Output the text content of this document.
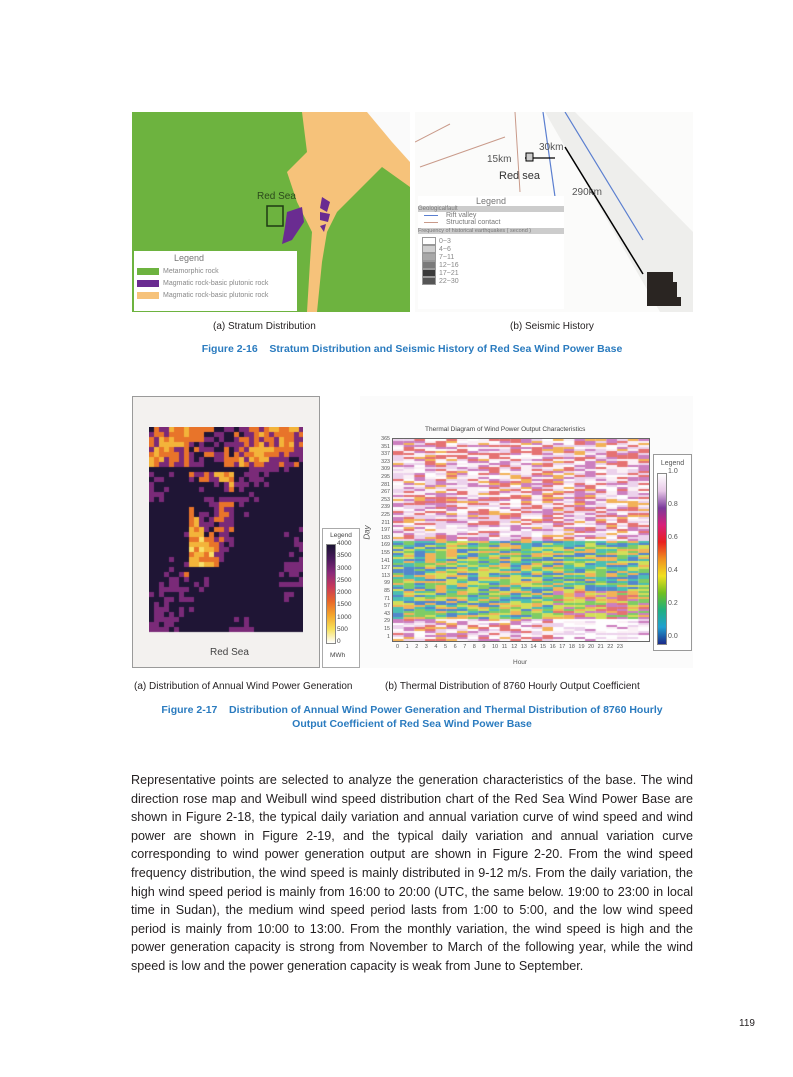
Red Sea
Legend
Metamorphic rock
Magmatic rock-basic plutonic rock
Magmatic rock-basic plutonic rock
15km
30km
290km
Red sea
Legend
Geologicalfault
Rift valley
Structural contact
Frequency of historical earthquakes ( second )
0~3
4~6
7~11
12~16
17~21
22~30
(a) Stratum Distribution	(b) Seismic History
Figure 2-16    Stratum Distribution and Seismic History of Red Sea Wind Power Base
Red Sea
Legend
4000
3500
3000
2500
2000
1500
1000
500
0
MWh
Thermal Diagram of Wind Power Output Characteristics
Day
365
351
337
323
309
295
281
267
253
239
225
211
197
183
169
155
141
127
113
99
85
71
57
43
29
15
1
0 1 2 3 4 5 6 7 8 9 10 11 12 13 14 15 16 17 18 19 20 21 22 23
Hour
Legend
1.0
0.8
0.6
0.4
0.2
0.0
(a) Distribution of Annual Wind Power Generation	(b) Thermal Distribution of 8760 Hourly Output Coefficient
Figure 2-17    Distribution of Annual Wind Power Generation and Thermal Distribution of 8760 Hourly
Output Coefficient of Red Sea Wind Power Base
Representative points are selected to analyze the generation characteristics of the base. The wind direction rose map and Weibull wind speed distribution chart of the Red Sea Wind Power Base are shown in Figure 2-18, the typical daily variation and annual variation curve of wind speed and wind power are shown in Figure 2-19, and the typical daily variation and annual variation curve corresponding to wind power generation output are shown in Figure 2-20. From the wind speed frequency distribution, the wind speed is mainly distributed in 9-12 m/s. From the daily variation, the high wind speed period is mainly from 16:00 to 20:00 (UTC, the same below. 19:00 to 23:00 in local time in Sudan), the medium wind speed period lasts from 1:00 to 5:00, and the low wind speed period is mainly from 10:00 to 13:00. From the monthly variation, the wind speed is high and the power generation capacity is strong from November to March of the following year, while the wind speed is low and the power generation capacity is weak from June to September.
119
